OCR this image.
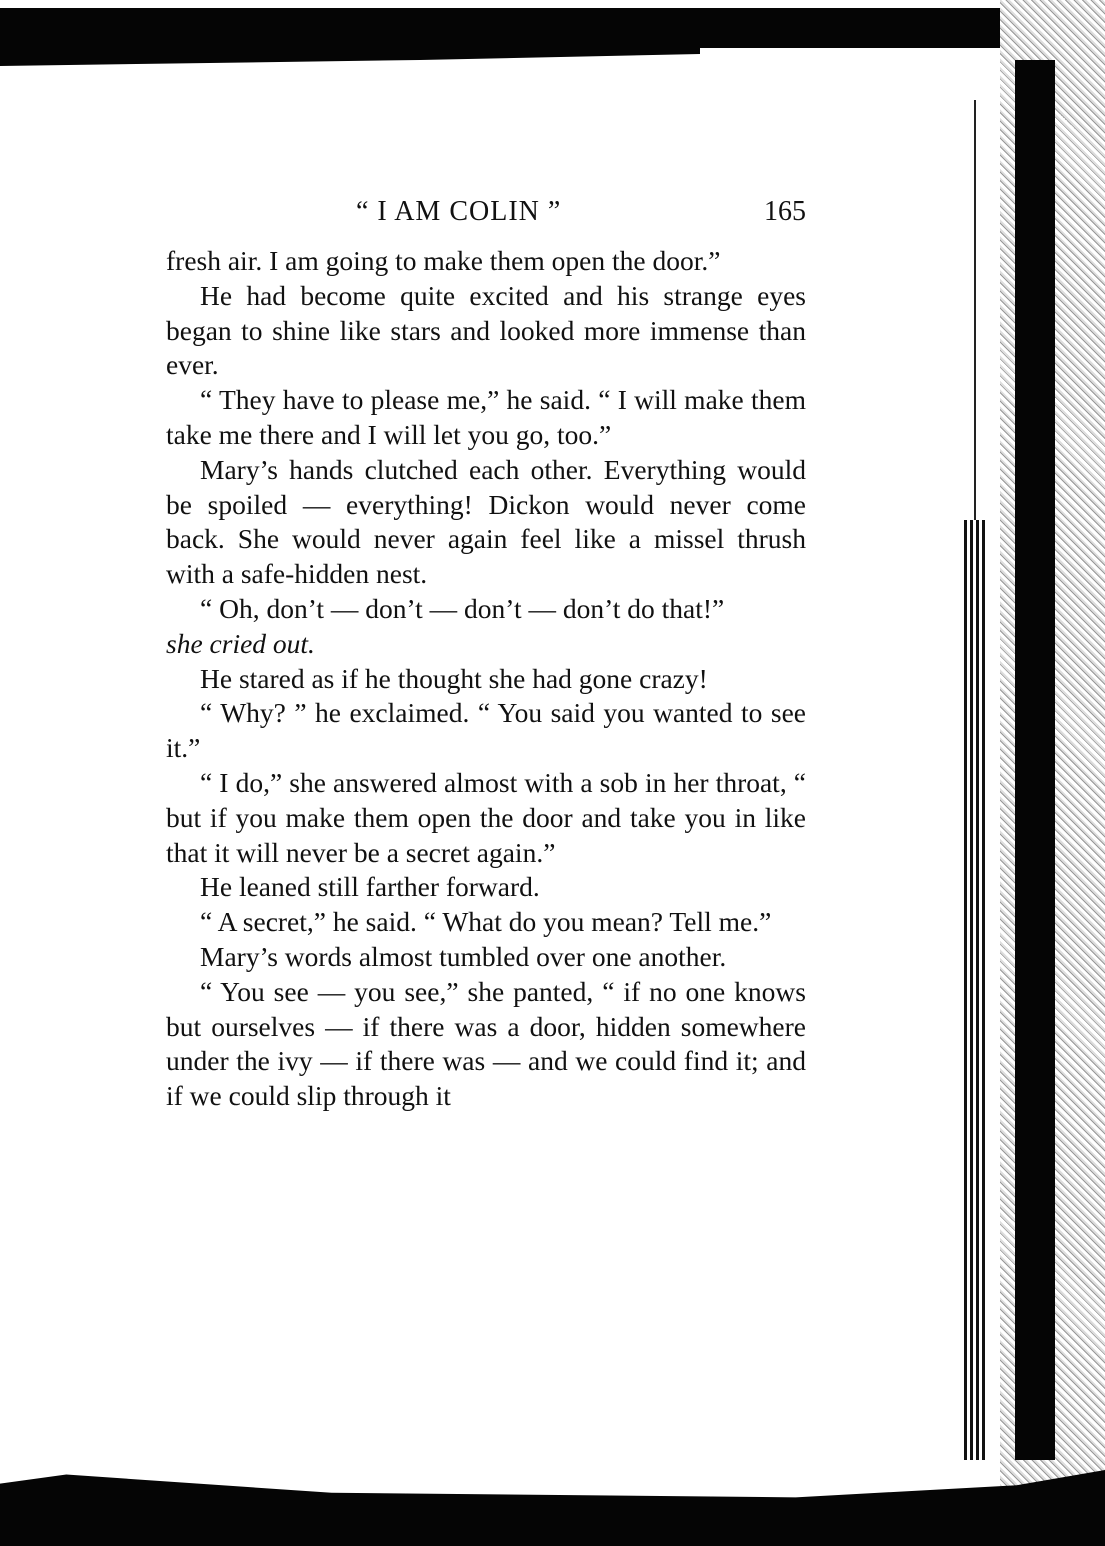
“ I AM COLIN ”	165

fresh air. I am going to make them open the door.”

He had become quite excited and his strange eyes began to shine like stars and looked more immense than ever.

“ They have to please me,” he said. “ I will make them take me there and I will let you go, too.”

Mary’s hands clutched each other. Everything would be spoiled — everything! Dickon would never come back. She would never again feel like a missel thrush with a safe-hidden nest.

“ Oh, don’t — don’t — don’t — don’t do that!”

she cried out.

He stared as if he thought she had gone crazy!

“ Why? ” he exclaimed. “ You said you wanted to see it.”

“ I do,” she answered almost with a sob in her throat, “ but if you make them open the door and take you in like that it will never be a secret again.”

He leaned still farther forward.

“ A secret,” he said. “ What do you mean? Tell me.”

Mary’s words almost tumbled over one another.

“ You see — you see,” she panted, “ if no one knows but ourselves — if there was a door, hidden somewhere under the ivy — if there was — and we could find it; and if we could slip through it
